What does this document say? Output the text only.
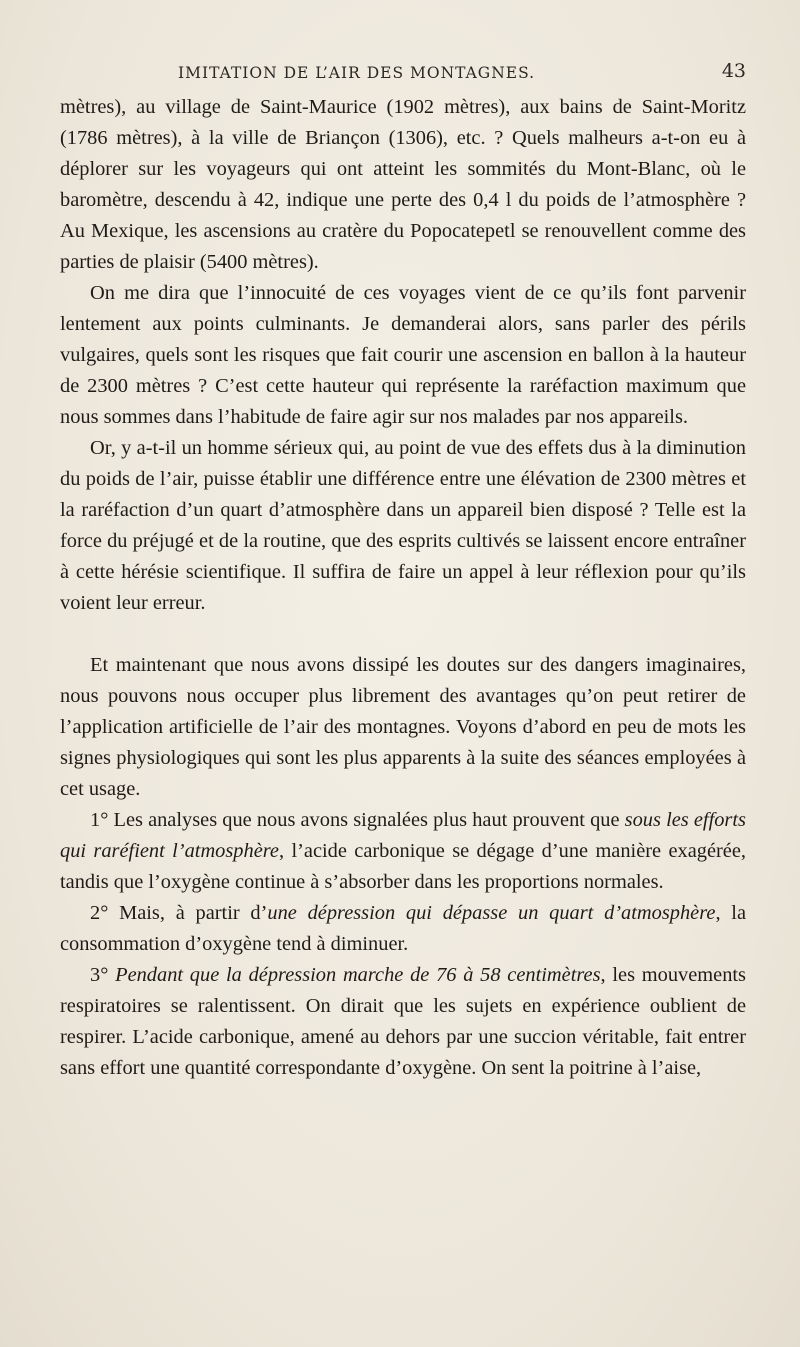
IMITATION DE L’AIR DES MONTAGNES.	43

mètres), au village de Saint-Maurice (1902 mètres), aux bains de Saint-Moritz (1786 mètres), à la ville de Briançon (1306), etc. ? Quels malheurs a-t-on eu à déplorer sur les voyageurs qui ont atteint les sommités du Mont-Blanc, où le baromètre, descendu à 42, indique une perte des 0,4 l du poids de l’atmosphère ? Au Mexique, les ascensions au cratère du Popocatepetl se renouvellent comme des parties de plaisir (5400 mètres).

On me dira que l’innocuité de ces voyages vient de ce qu’ils font parvenir lentement aux points culminants. Je demanderai alors, sans parler des périls vulgaires, quels sont les risques que fait courir une ascension en ballon à la hauteur de 2300 mètres ? C’est cette hauteur qui représente la raréfaction maximum que nous sommes dans l’habitude de faire agir sur nos malades par nos appareils.

Or, y a-t-il un homme sérieux qui, au point de vue des effets dus à la diminution du poids de l’air, puisse établir une différence entre une élévation de 2300 mètres et la raréfaction d’un quart d’atmosphère dans un appareil bien disposé ? Telle est la force du préjugé et de la routine, que des esprits cultivés se laissent encore entraîner à cette hérésie scientifique. Il suffira de faire un appel à leur réflexion pour qu’ils voient leur erreur.

Et maintenant que nous avons dissipé les doutes sur des dangers imaginaires, nous pouvons nous occuper plus librement des avantages qu’on peut retirer de l’application artificielle de l’air des montagnes. Voyons d’abord en peu de mots les signes physiologiques qui sont les plus apparents à la suite des séances employées à cet usage.

1° Les analyses que nous avons signalées plus haut prouvent que sous les efforts qui raréfient l’atmosphère, l’acide carbonique se dégage d’une manière exagérée, tandis que l’oxygène continue à s’absorber dans les proportions normales.

2° Mais, à partir d’une dépression qui dépasse un quart d’atmosphère, la consommation d’oxygène tend à diminuer.

3° Pendant que la dépression marche de 76 à 58 centimètres, les mouvements respiratoires se ralentissent. On dirait que les sujets en expérience oublient de respirer. L’acide carbonique, amené au dehors par une succion véritable, fait entrer sans effort une quantité correspondante d’oxygène. On sent la poitrine à l’aise,
